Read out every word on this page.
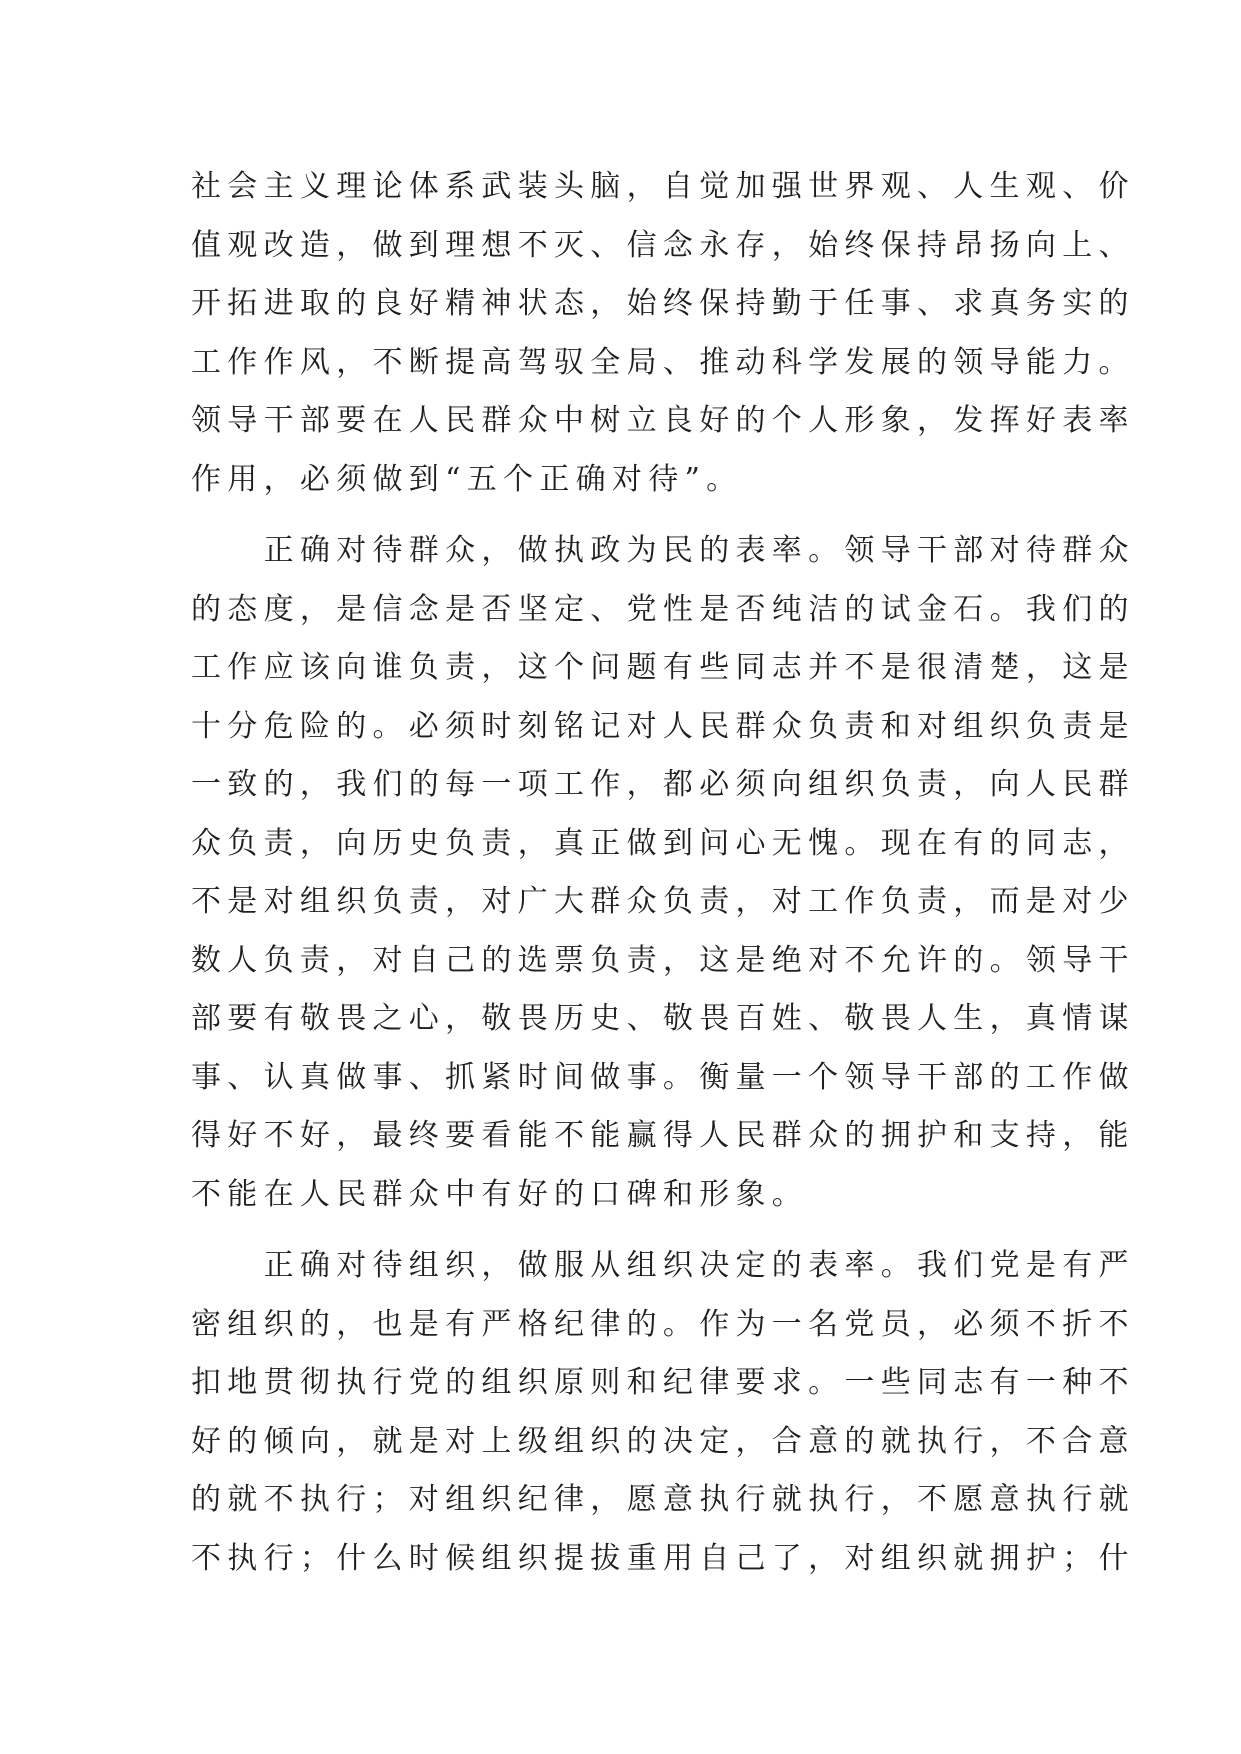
社会主义理论体系武装头脑，自觉加强世界观、人生观、价
值观改造，做到理想不灭、信念永存，始终保持昂扬向上、
开拓进取的良好精神状态，始终保持勤于任事、求真务实的
工作作风，不断提高驾驭全局、推动科学发展的领导能力。
领导干部要在人民群众中树立良好的个人形象，发挥好表率
作用，必须做到“五个正确对待”。
　　正确对待群众，做执政为民的表率。领导干部对待群众
的态度，是信念是否坚定、党性是否纯洁的试金石。我们的
工作应该向谁负责，这个问题有些同志并不是很清楚，这是
十分危险的。必须时刻铭记对人民群众负责和对组织负责是
一致的，我们的每一项工作，都必须向组织负责，向人民群
众负责，向历史负责，真正做到问心无愧。现在有的同志，
不是对组织负责，对广大群众负责，对工作负责，而是对少
数人负责，对自己的选票负责，这是绝对不允许的。领导干
部要有敬畏之心，敬畏历史、敬畏百姓、敬畏人生，真情谋
事、认真做事、抓紧时间做事。衡量一个领导干部的工作做
得好不好，最终要看能不能赢得人民群众的拥护和支持，能
不能在人民群众中有好的口碑和形象。
　　正确对待组织，做服从组织决定的表率。我们党是有严
密组织的，也是有严格纪律的。作为一名党员，必须不折不
扣地贯彻执行党的组织原则和纪律要求。一些同志有一种不
好的倾向，就是对上级组织的决定，合意的就执行，不合意
的就不执行；对组织纪律，愿意执行就执行，不愿意执行就
不执行；什么时候组织提拔重用自己了，对组织就拥护；什
